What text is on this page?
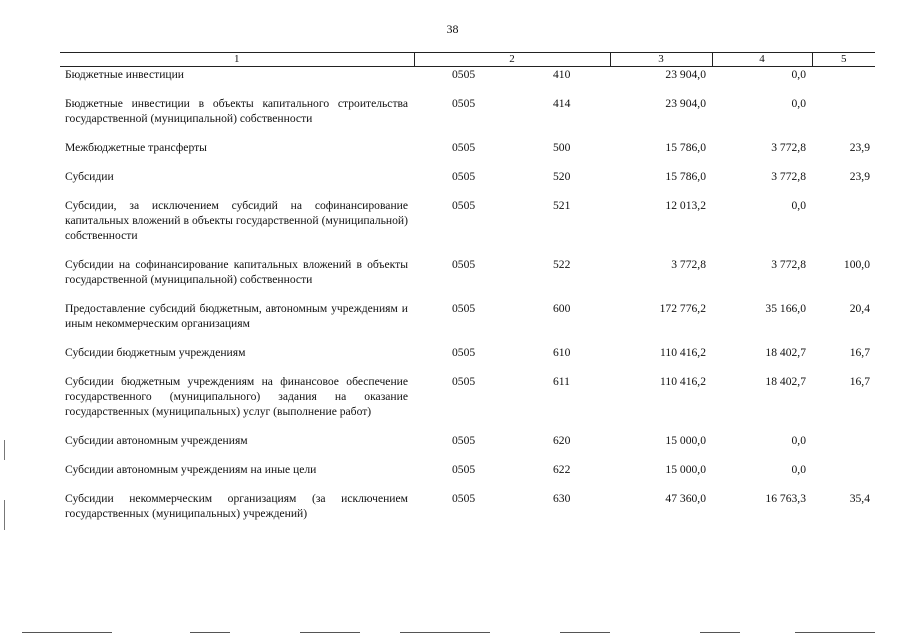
38
1	2		3	4	5
Бюджетные инвестиции	0505	410	23 904,0	0,0	

Бюджетные инвестиции в объекты капитального строительства государственной (муниципальной) собственности	0505	414	23 904,0	0,0	

Межбюджетные трансферты	0505	500	15 786,0	3 772,8	23,9

Субсидии	0505	520	15 786,0	3 772,8	23,9

Субсидии, за исключением субсидий на софинансирование капитальных вложений в объекты государственной (муниципальной) собственности	0505	521	12 013,2	0,0	

Субсидии на софинансирование капитальных вложений в объекты государственной (муниципальной) собственности	0505	522	3 772,8	3 772,8	100,0

Предоставление субсидий бюджетным, автономным учреждениям и иным некоммерческим организациям	0505	600	172 776,2	35 166,0	20,4

Субсидии бюджетным учреждениям	0505	610	110 416,2	18 402,7	16,7

Субсидии бюджетным учреждениям на финансовое обеспечение государственного (муниципального) задания на оказание государственных (муниципальных) услуг (выполнение работ)	0505	611	110 416,2	18 402,7	16,7

Субсидии автономным учреждениям	0505	620	15 000,0	0,0	

Субсидии автономным учреждениям на иные цели	0505	622	15 000,0	0,0	

Субсидии некоммерческим организациям (за исключением государственных (муниципальных) учреждений)	0505	630	47 360,0	16 763,3	35,4
